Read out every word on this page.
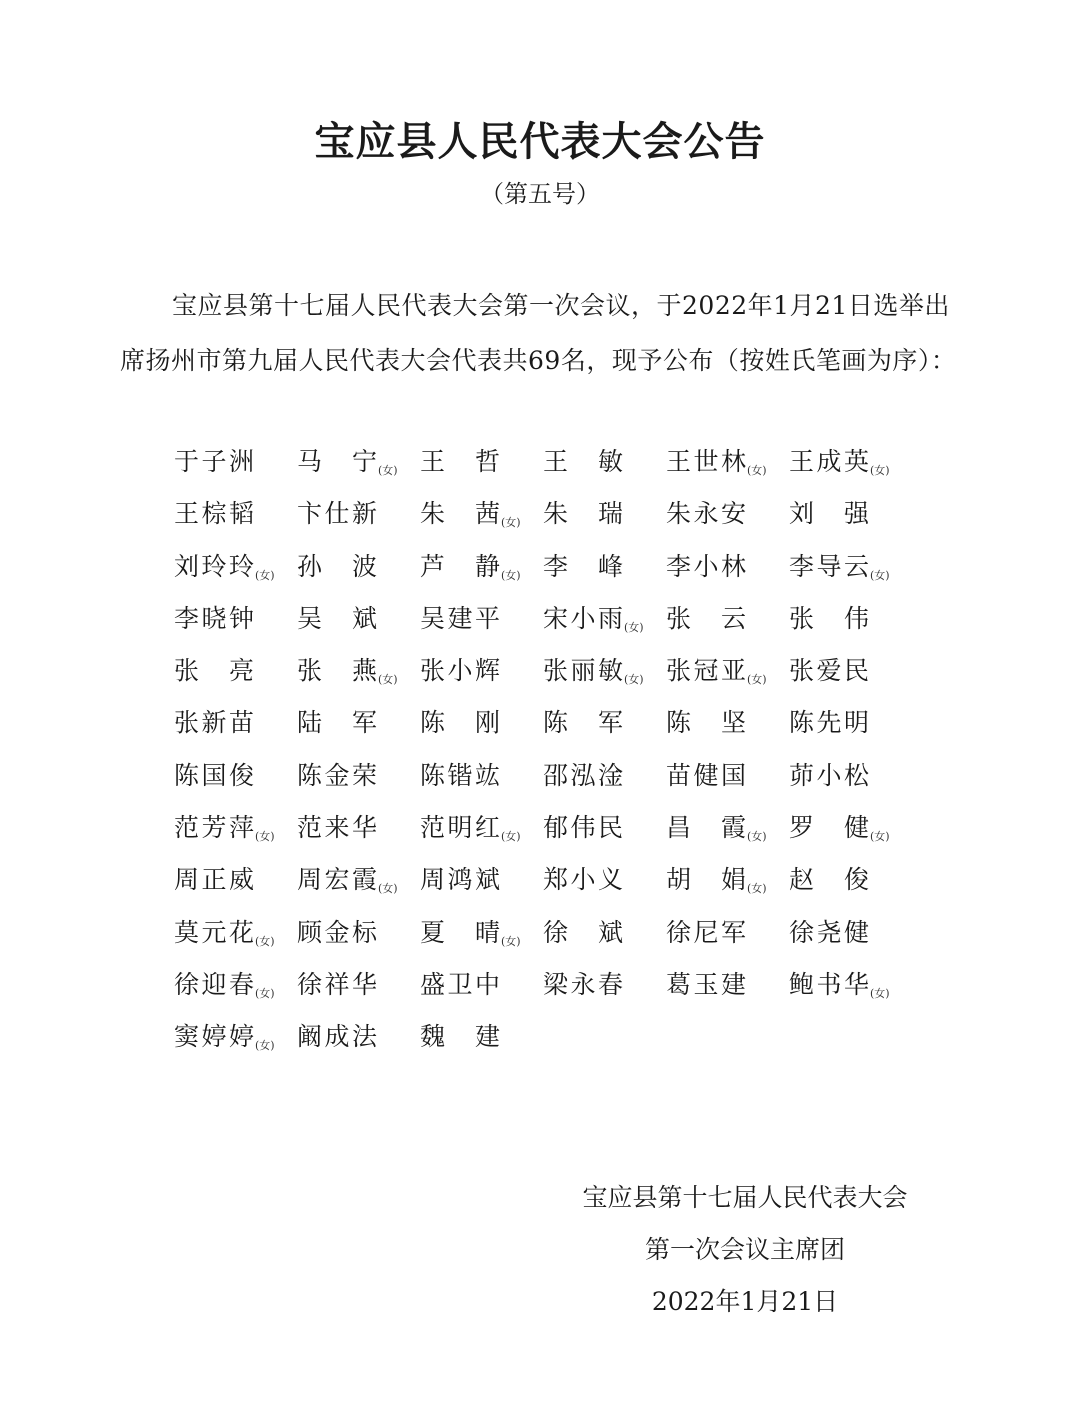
宝应县人民代表大会公告
（第五号）

宝应县第十七届人民代表大会第一次会议，于2022年1月21日选举出席扬州市第九届人民代表大会代表共69名，现予公布（按姓氏笔画为序）：

于子洲	马宁(女) 王哲	王敏	王世林(女) 王成英(女)
王棕韬	卞仕新	朱茜(女) 朱瑞	朱永安	刘强
刘玲玲(女) 孙波	芦静(女) 李峰	李小林	李导云(女)
李晓钟	吴斌	吴建平	宋小雨(女) 张云	张伟
张亮	张燕(女) 张小辉	张丽敏(女) 张冠亚(女) 张爱民
张新苗	陆军	陈刚	陈军	陈坚	陈先明
陈国俊	陈金荣	陈锴竑	邵泓淦	苗健国	茆小松
范芳萍(女) 范来华	范明红(女) 郁伟民	昌霞(女) 罗健(女)
周正威	周宏霞(女) 周鸿斌	郑小义	胡娟(女) 赵俊
莫元花(女) 顾金标	夏晴(女) 徐斌	徐尼军	徐尧健
徐迎春(女) 徐祥华	盛卫中	梁永春	葛玉建	鲍书华(女)
窦婷婷(女) 阚成法	魏建
宝应县第十七届人民代表大会
第一次会议主席团
2022年1月21日
